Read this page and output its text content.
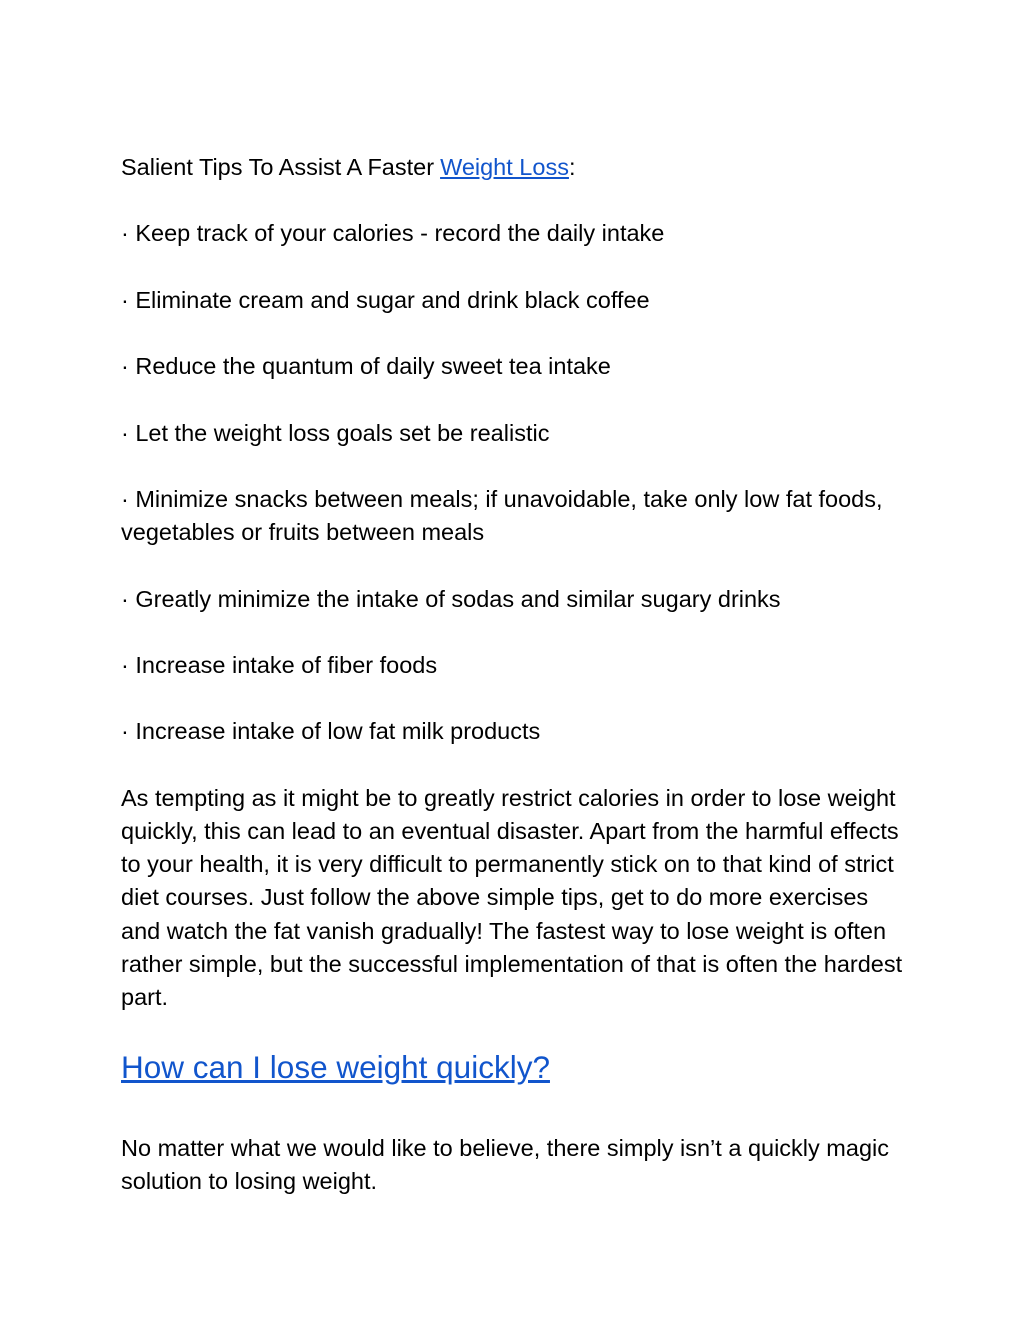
Salient Tips To Assist A Faster Weight Loss:

· Keep track of your calories - record the daily intake
· Eliminate cream and sugar and drink black coffee
· Reduce the quantum of daily sweet tea intake
· Let the weight loss goals set be realistic
· Minimize snacks between meals; if unavoidable, take only low fat foods, vegetables or fruits between meals
· Greatly minimize the intake of sodas and similar sugary drinks
· Increase intake of fiber foods
· Increase intake of low fat milk products

As tempting as it might be to greatly restrict calories in order to lose weight quickly, this can lead to an eventual disaster. Apart from the harmful effects to your health, it is very difficult to permanently stick on to that kind of strict diet courses. Just follow the above simple tips, get to do more exercises and watch the fat vanish gradually! The fastest way to lose weight is often rather simple, but the successful implementation of that is often the hardest part.

How can I lose weight quickly?

No matter what we would like to believe, there simply isn’t a quickly magic solution to losing weight.
